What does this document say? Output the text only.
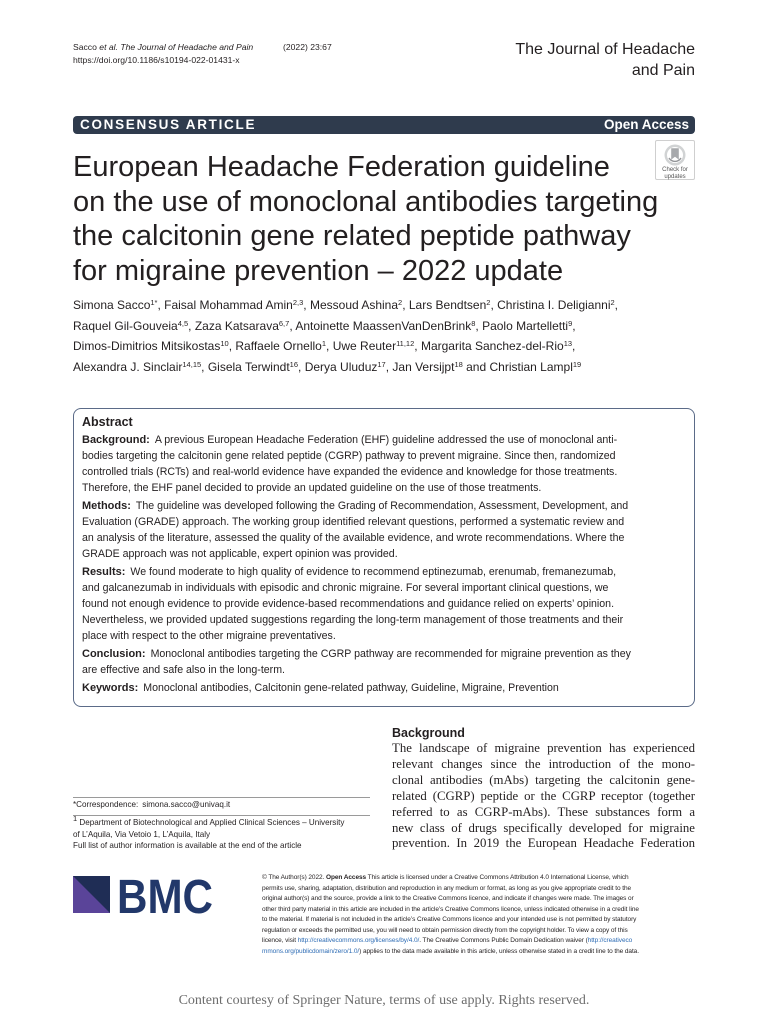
Sacco et al. The Journal of Headache and Pain	(2022) 23:67
https://doi.org/10.1186/s10194-022-01431-x
The Journal of Headache
and Pain
CONSENSUS ARTICLE	Open Access
Check for
updates
European Headache Federation guideline
on the use of monoclonal antibodies targeting
the calcitonin gene related peptide pathway
for migraine prevention – 2022 update
Simona Sacco$^{1*}$, Faisal Mohammad Amin$^{2,3}$, Messoud Ashina$^2$, Lars Bendtsen$^2$, Christina I. Deligianni$^2$,
Raquel Gil-Gouveia$^{4,5}$, Zaza Katsarava$^{6,7}$, Antoinette MaassenVanDenBrink$^8$, Paolo Martelletti$^9$,
Dimos-Dimitrios Mitsikostas$^{10}$, Raffaele Ornello$^1$, Uwe Reuter$^{11,12}$, Margarita Sanchez-del-Rio$^{13}$,
Alexandra J. Sinclair$^{14,15}$, Gisela Terwindt$^{16}$, Derya Uluduz$^{17}$, Jan Versijpt$^{18}$ and Christian Lampl$^{19}$
Abstract
Background: A previous European Headache Federation (EHF) guideline addressed the use of monoclonal anti-
bodies targeting the calcitonin gene related peptide (CGRP) pathway to prevent migraine. Since then, randomized
controlled trials (RCTs) and real-world evidence have expanded the evidence and knowledge for those treatments.
Therefore, the EHF panel decided to provide an updated guideline on the use of those treatments.
Methods: The guideline was developed following the Grading of Recommendation, Assessment, Development, and
Evaluation (GRADE) approach. The working group identified relevant questions, performed a systematic review and
an analysis of the literature, assessed the quality of the available evidence, and wrote recommendations. Where the
GRADE approach was not applicable, expert opinion was provided.
Results: We found moderate to high quality of evidence to recommend eptinezumab, erenumab, fremanezumab,
and galcanezumab in individuals with episodic and chronic migraine. For several important clinical questions, we
found not enough evidence to provide evidence-based recommendations and guidance relied on experts’ opinion.
Nevertheless, we provided updated suggestions regarding the long-term management of those treatments and their
place with respect to the other migraine preventatives.
Conclusion: Monoclonal antibodies targeting the CGRP pathway are recommended for migraine prevention as they
are effective and safe also in the long-term.
Keywords: Monoclonal antibodies, Calcitonin gene-related pathway, Guideline, Migraine, Prevention
Background
The landscape of migraine prevention has experienced
relevant changes since the introduction of the mono-
clonal antibodies (mAbs) targeting the calcitonin gene-
related (CGRP) peptide or the CGRP receptor (together
referred to as CGRP-mAbs). These substances form a
new class of drugs specifically developed for migraine
prevention. In 2019 the European Headache Federation
*Correspondence: simona.sacco@univaq.it
$^1$ Department of Biotechnological and Applied Clinical Sciences – University
of L’Aquila, Via Vetoio 1, L’Aquila, Italy
Full list of author information is available at the end of the article
BMC	© The Author(s) 2022. Open Access This article is licensed under a Creative Commons Attribution 4.0 International License, which
permits use, sharing, adaptation, distribution and reproduction in any medium or format, as long as you give appropriate credit to the
original author(s) and the source, provide a link to the Creative Commons licence, and indicate if changes were made. The images or
other third party material in this article are included in the article’s Creative Commons licence, unless indicated otherwise in a credit line
to the material. If material is not included in the article’s Creative Commons licence and your intended use is not permitted by statutory
regulation or exceeds the permitted use, you will need to obtain permission directly from the copyright holder. To view a copy of this
licence, visit http://creativecommons.org/licenses/by/4.0/. The Creative Commons Public Domain Dedication waiver (http://creativeco
mmons.org/publicdomain/zero/1.0/) applies to the data made available in this article, unless otherwise stated in a credit line to the data.
Content courtesy of Springer Nature, terms of use apply. Rights reserved.
